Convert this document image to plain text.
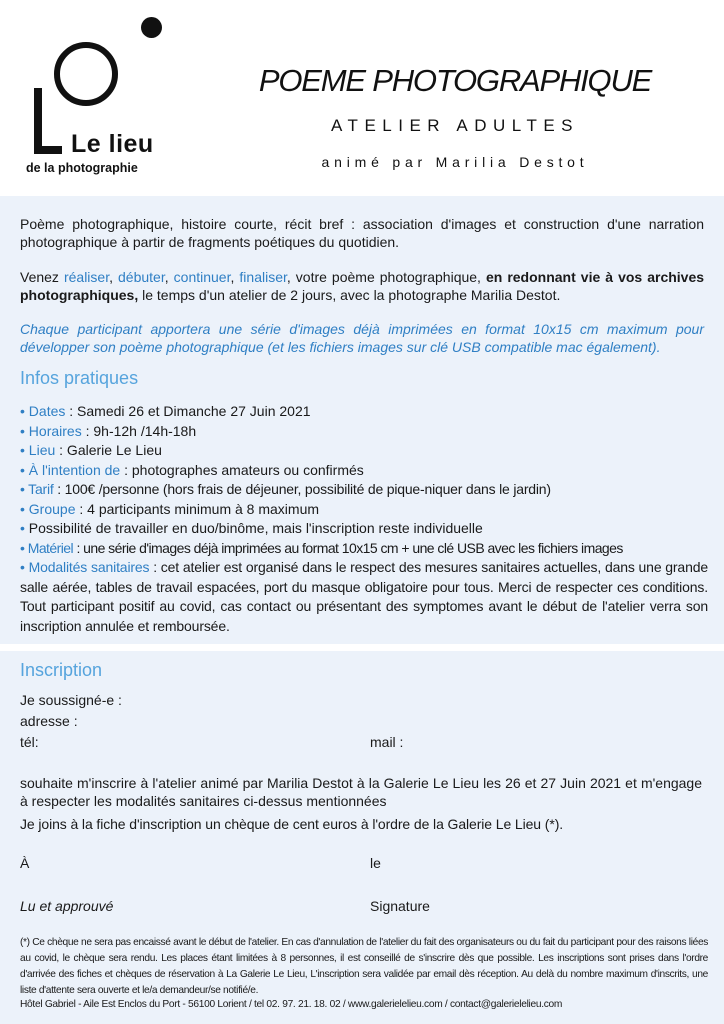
Le lieu
de la photographie
POEME PHOTOGRAPHIQUE
ATELIER ADULTES
animé par Marilia Destot
Poème photographique, histoire courte, récit bref : association d'images et construction d'une narration photographique à partir de fragments poétiques du quotidien.
Venez réaliser, débuter, continuer, finaliser, votre poème photographique, en redonnant vie à vos archives photographiques, le temps d'un atelier de 2 jours, avec la photographe Marilia Destot.
Chaque participant apportera une série d'images déjà imprimées en format 10x15 cm maximum pour développer son poème photographique (et les fichiers images sur clé USB compatible mac également).
Infos pratiques
• Dates : Samedi 26 et Dimanche 27 Juin 2021
• Horaires : 9h-12h /14h-18h
• Lieu : Galerie Le Lieu
• À l'intention de : photographes amateurs ou confirmés
• Tarif : 100€ /personne (hors frais de déjeuner, possibilité de pique-niquer dans le jardin)
• Groupe : 4 participants minimum à 8 maximum
• Possibilité de travailler en duo/binôme, mais l'inscription reste individuelle
• Matériel : une série d'images déjà imprimées au format 10x15 cm + une clé USB avec les fichiers images
• Modalités sanitaires : cet atelier est organisé dans le respect des mesures sanitaires actuelles, dans une grande salle aérée, tables de travail espacées, port du masque obligatoire pour tous. Merci de respecter ces conditions. Tout participant positif au covid, cas contact ou présentant des symptomes avant le début de l'atelier verra son inscription annulée et remboursée.
Inscription
Je soussigné-e :
adresse :
tél:	mail :
souhaite m'inscrire à l'atelier animé par Marilia Destot à la Galerie Le Lieu les 26 et 27 Juin 2021 et m'engage à respecter les modalités sanitaires ci-dessus mentionnées
Je joins à la fiche d'inscription un chèque de cent euros à l'ordre de la Galerie Le Lieu (*).
À	le
Lu et approuvé	Signature
(*) Ce chèque ne sera pas encaissé avant le début de l'atelier. En cas d'annulation de l'atelier du fait des organisateurs ou du fait du participant pour des raisons liées au covid, le chèque sera rendu. Les places étant limitées à 8 personnes, il est conseillé de s'inscrire dès que possible. Les inscriptions sont prises dans l'ordre d'arrivée des fiches et chèques de réservation à La Galerie Le Lieu, L'inscription sera validée par email dès réception. Au delà du nombre maximum d'inscrits, une liste d'attente sera ouverte et le/a demandeur/se notifié/e.
Hôtel Gabriel - Aile Est Enclos du Port - 56100 Lorient / tel 02. 97. 21. 18. 02 / www.galerielelieu.com / contact@galerielelieu.com
